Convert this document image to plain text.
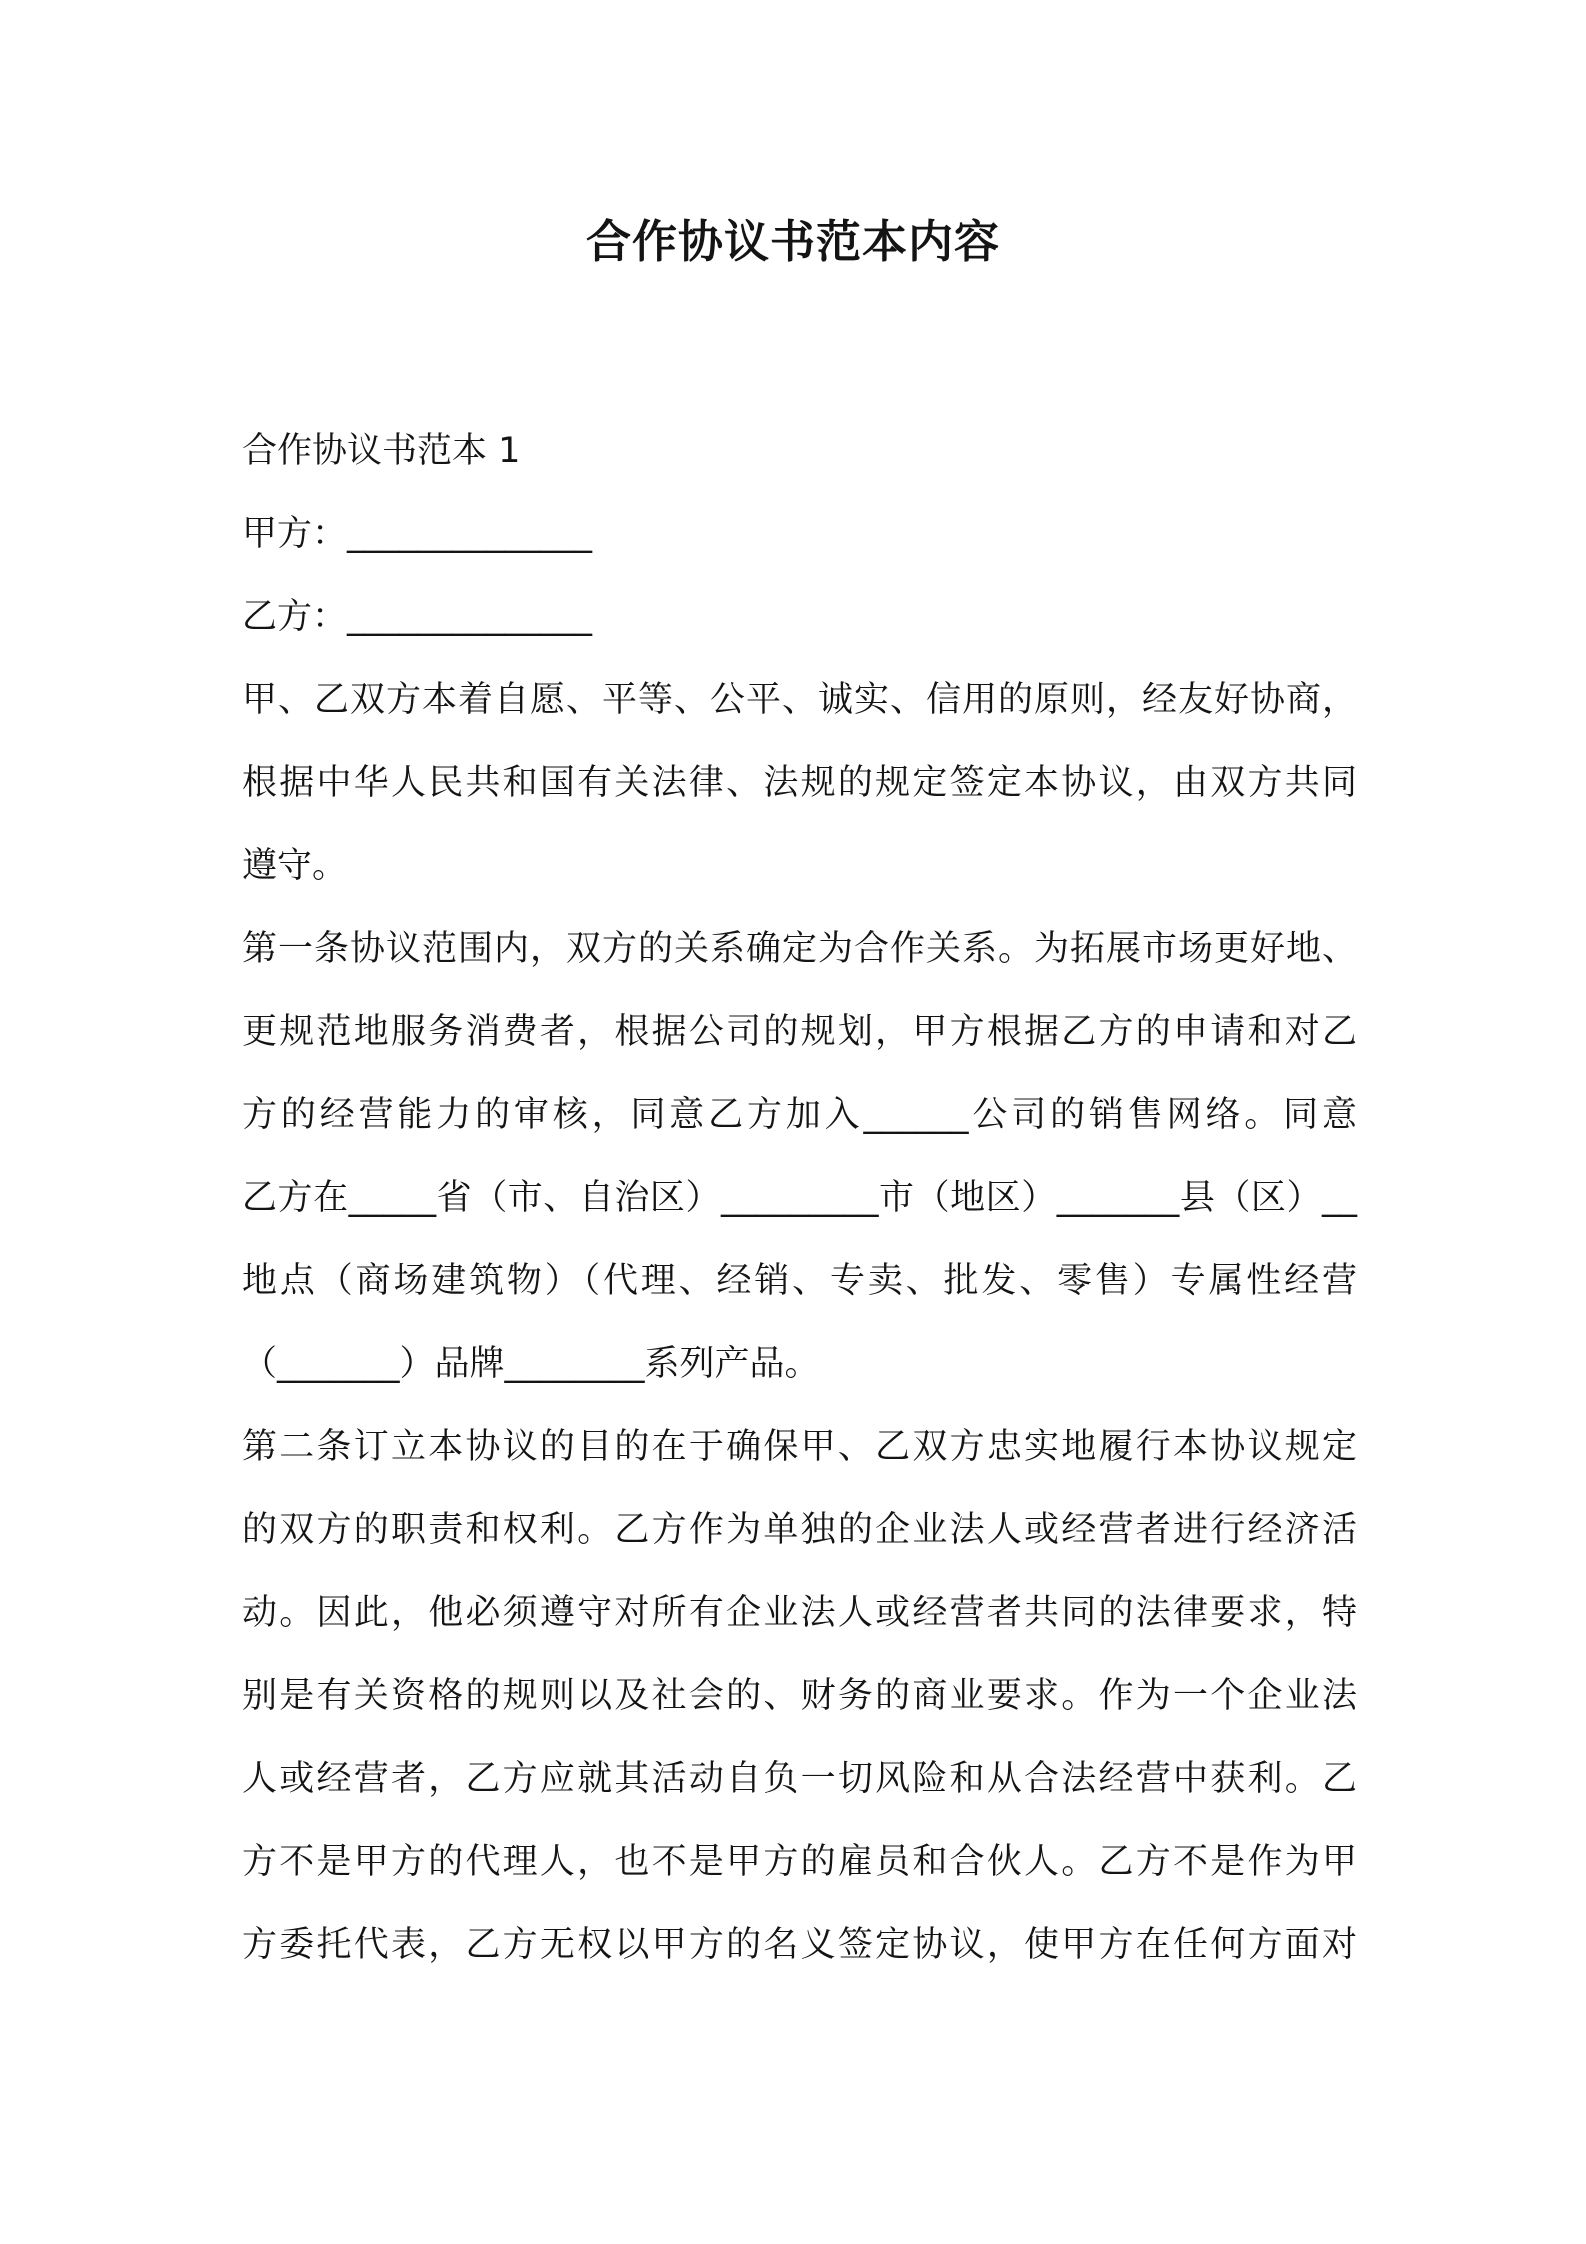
合作协议书范本内容
合作协议书范本 1
甲方：______________
乙方：______________
甲、乙双方本着自愿、平等、公平、诚实、信用的原则，经友好协商，
根据中华人民共和国有关法律、法规的规定签定本协议，由双方共同
遵守。
第一条协议范围内，双方的关系确定为合作关系。为拓展市场更好地、
更规范地服务消费者，根据公司的规划，甲方根据乙方的申请和对乙
方的经营能力的审核，同意乙方加入______公司的销售网络。同意
乙方在_____省（市、自治区）_________市（地区）_______县（区）__
地点（商场建筑物）（代理、经销、专卖、批发、零售）专属性经营
（_______）品牌________系列产品。
第二条订立本协议的目的在于确保甲、乙双方忠实地履行本协议规定
的双方的职责和权利。乙方作为单独的企业法人或经营者进行经济活
动。因此，他必须遵守对所有企业法人或经营者共同的法律要求，特
别是有关资格的规则以及社会的、财务的商业要求。作为一个企业法
人或经营者，乙方应就其活动自负一切风险和从合法经营中获利。乙
方不是甲方的代理人，也不是甲方的雇员和合伙人。乙方不是作为甲
方委托代表，乙方无权以甲方的名义签定协议，使甲方在任何方面对
